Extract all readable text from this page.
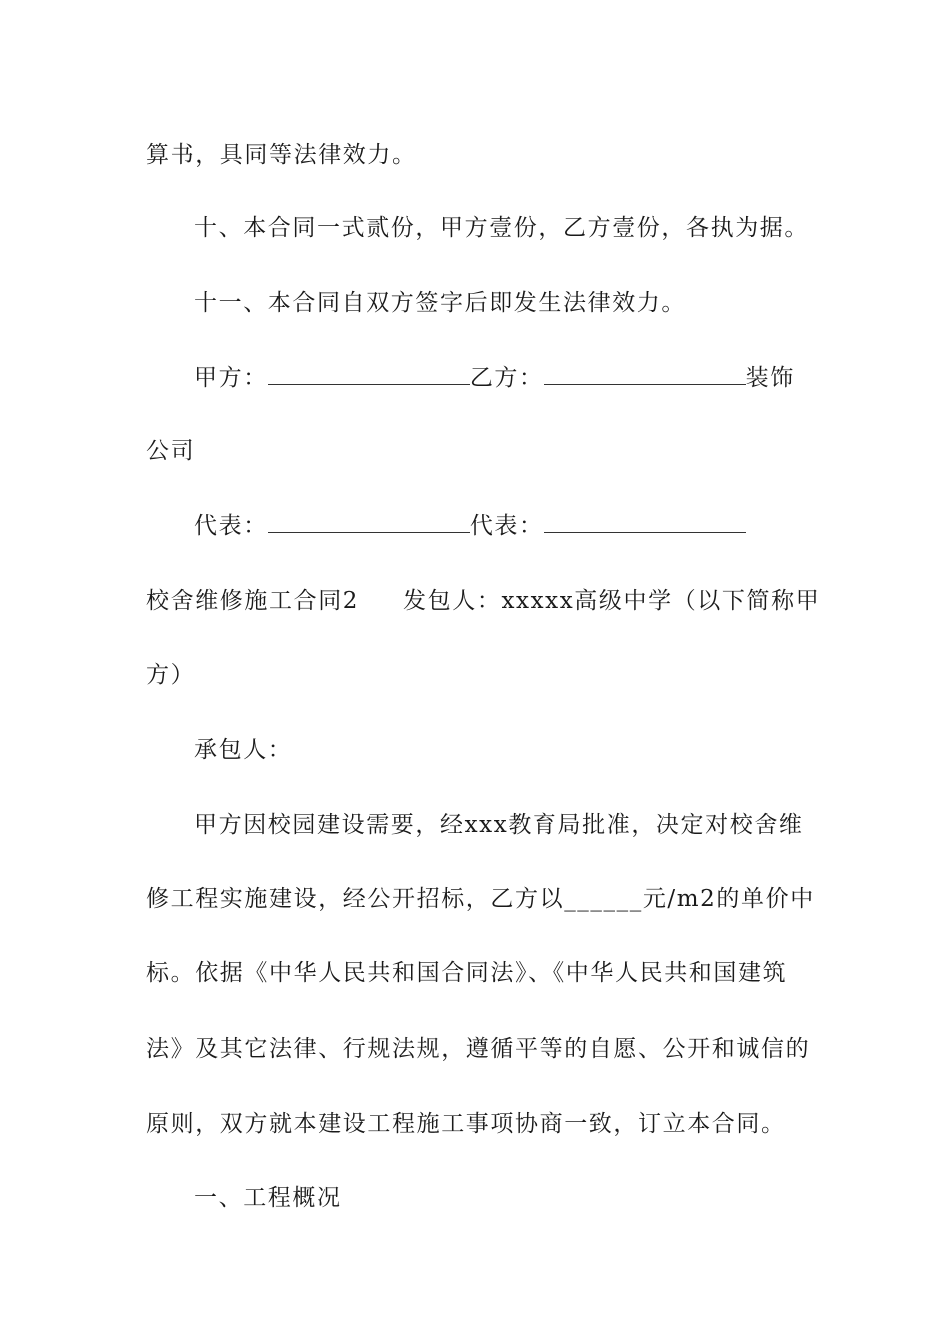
算书，具同等法律效力。
十、本合同一式贰份，甲方壹份，乙方壹份，各执为据。
十一、本合同自双方签字后即发生法律效力。
甲方：	乙方：	装饰
公司
代表：	代表：
校舍维修施工合同2 发包人：xxxxx高级中学（以下简称甲
方）
承包人：
甲方因校园建设需要，经xxx教育局批准，决定对校舍维
修工程实施建设，经公开招标，乙方以______元/m2的单价中
标。依据《中华人民共和国合同法》、《中华人民共和国建筑
法》及其它法律、行规法规，遵循平等的自愿、公开和诚信的
原则，双方就本建设工程施工事项协商一致，订立本合同。
一、工程概况
